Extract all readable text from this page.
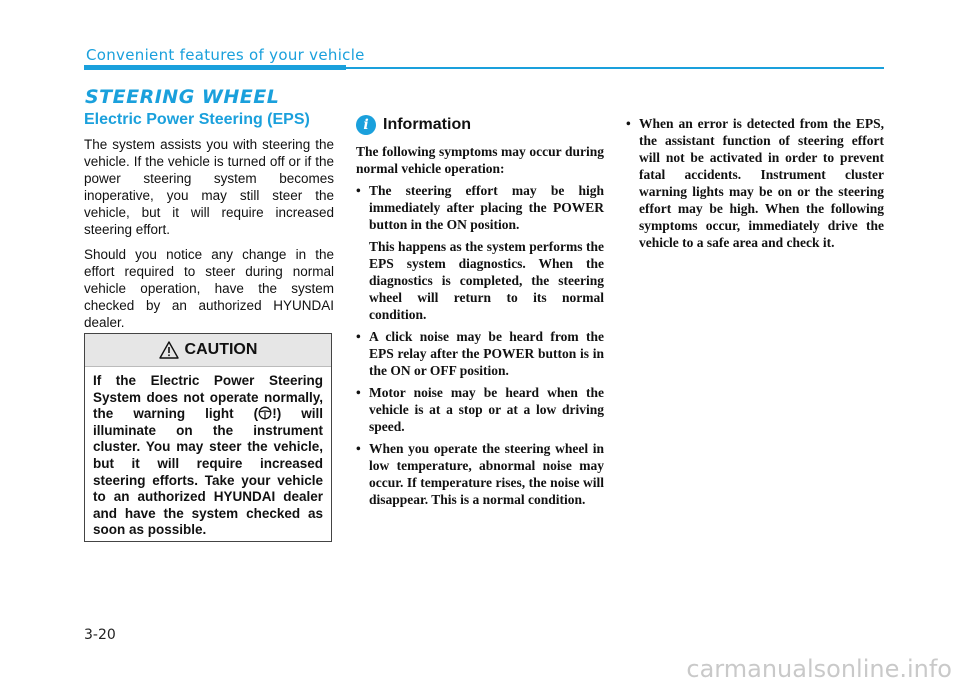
Convenient features of your vehicle
STEERING WHEEL
Electric Power Steering (EPS)

The system assists you with steering the vehicle. If the vehicle is turned off or if the power steering system becomes inoperative, you may still steer the vehicle, but it will require increased steering effort.

Should you notice any change in the effort required to steer during normal vehicle operation, have the system checked by an authorized HYUNDAI dealer.

CAUTION
If the Electric Power Steering System does not operate normally, the warning light ( !) will illuminate on the instrument cluster. You may steer the vehicle, but it will require increased steering efforts. Take your vehicle to an authorized HYUNDAI dealer and have the system checked as soon as possible.
i Information

The following symptoms may occur during normal vehicle operation:

• The steering effort may be high immediately after placing the POWER button in the ON position.
This happens as the system performs the EPS system diagnostics. When the diagnostics is completed, the steering wheel will return to its normal condition.
• A click noise may be heard from the EPS relay after the POWER button is in the ON or OFF position.
• Motor noise may be heard when the vehicle is at a stop or at a low driving speed.
• When you operate the steering wheel in low temperature, abnormal noise may occur. If temperature rises, the noise will disappear. This is a normal condition.
• When an error is detected from the EPS, the assistant function of steering effort will not be activated in order to prevent fatal accidents. Instrument cluster warning lights may be on or the steering effort may be high. When the following symptoms occur, immediately drive the vehicle to a safe area and check it.
3-20
carmanualsonline.info
